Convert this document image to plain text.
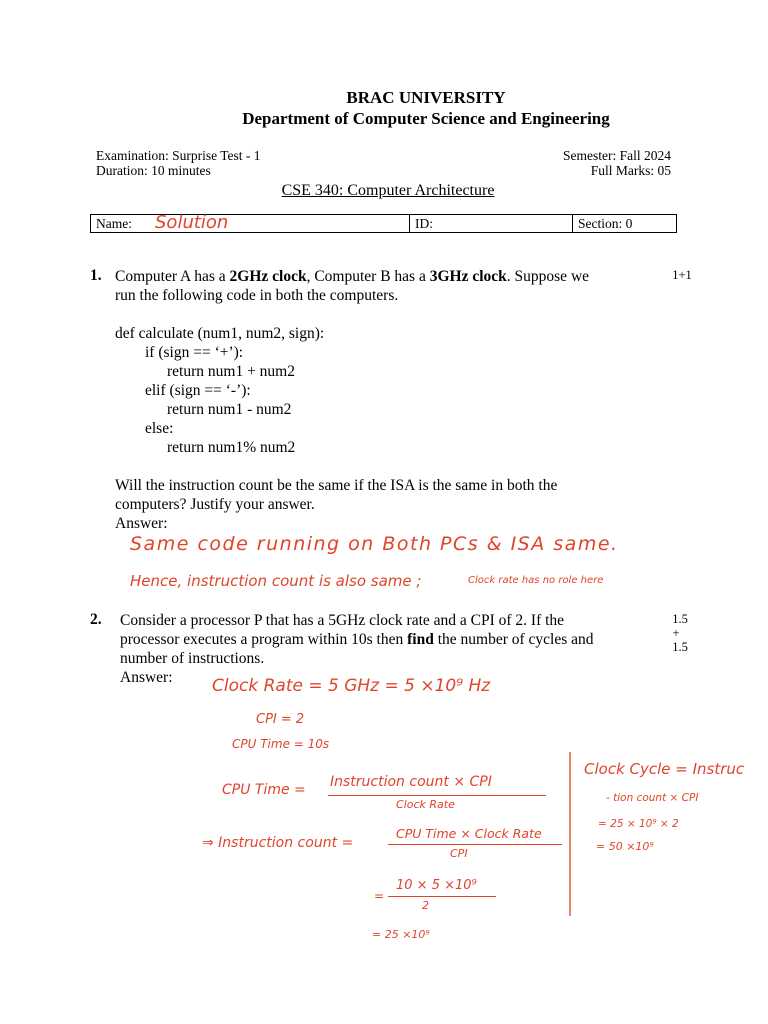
BRAC UNIVERSITY
Department of Computer Science and Engineering
Examination: Surprise Test - 1
Duration: 10 minutes
Semester: Fall 2024
Full Marks: 05
CSE 340: Computer Architecture
Name: Solution	ID:	Section: 0
1.	1+1
Computer A has a 2GHz clock, Computer B has a 3GHz clock. Suppose we
run the following code in both the computers.
def calculate (num1, num2, sign):
if (sign == ‘+’):
return num1 + num2
elif (sign == ‘-’):
return num1 - num2
else:
return num1% num2
Will the instruction count be the same if the ISA is the same in both the
computers? Justify your answer.
Answer:
Same code running on Both PCs & ISA same.
Hence, instruction count is also same ;	Clock rate has no role here
2.	1.5
+
1.5
Consider a processor P that has a 5GHz clock rate and a CPI of 2. If the
processor executes a program within 10s then find the number of cycles and
number of instructions.
Answer: Clock Rate = 5 GHz = 5 ×10⁹ Hz
CPI = 2
CPU Time = 10s
CPU Time = Instruction count × CPI
Clock Rate
⇒ Instruction count =
CPU Time × Clock Rate
CPI
=
10 × 5 ×10⁹
2
= 25 ×10⁹
Clock Cycle = Instruc
- tion count × CPI
= 25 × 10⁹ × 2
= 50 ×10⁹
